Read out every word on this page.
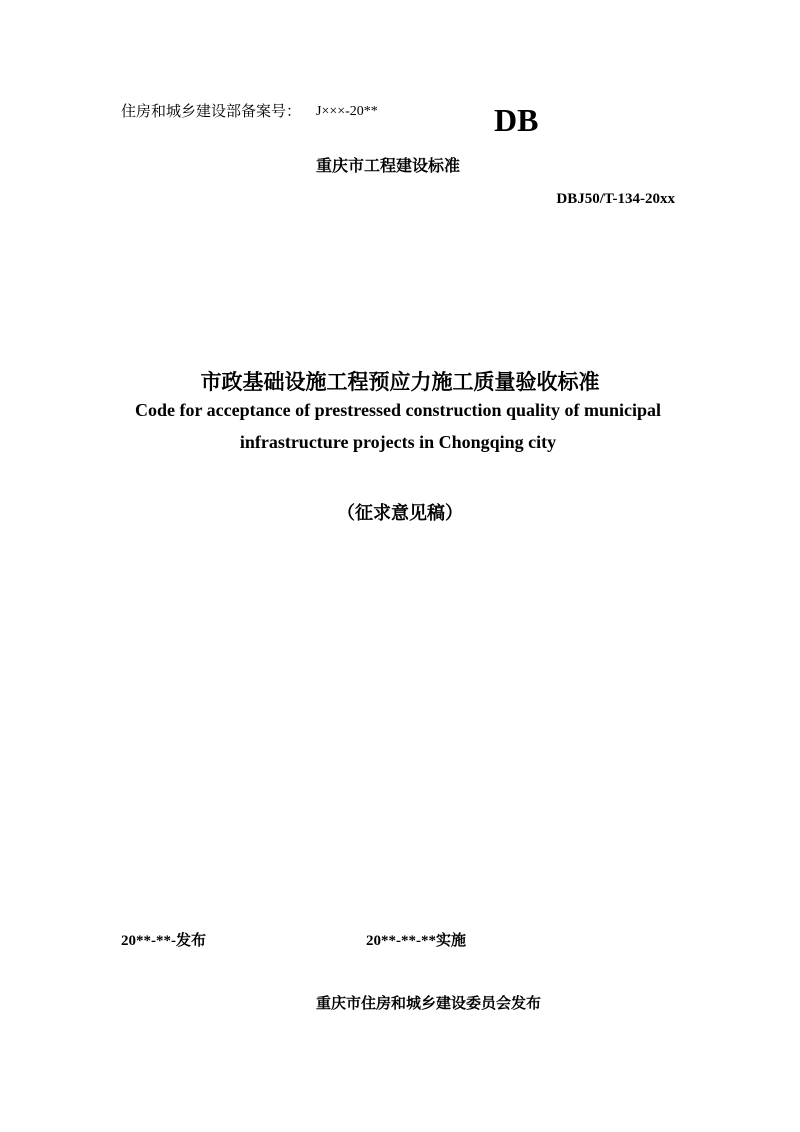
住房和城乡建设部备案号： J×××-20**	DB
重庆市工程建设标准
DBJ50/T-134-20xx
市政基础设施工程预应力施工质量验收标准
Code for acceptance of prestressed construction quality of municipal
infrastructure projects in Chongqing city
（征求意见稿）
20**-**-发布	20**-**-**实施
重庆市住房和城乡建设委员会发布
